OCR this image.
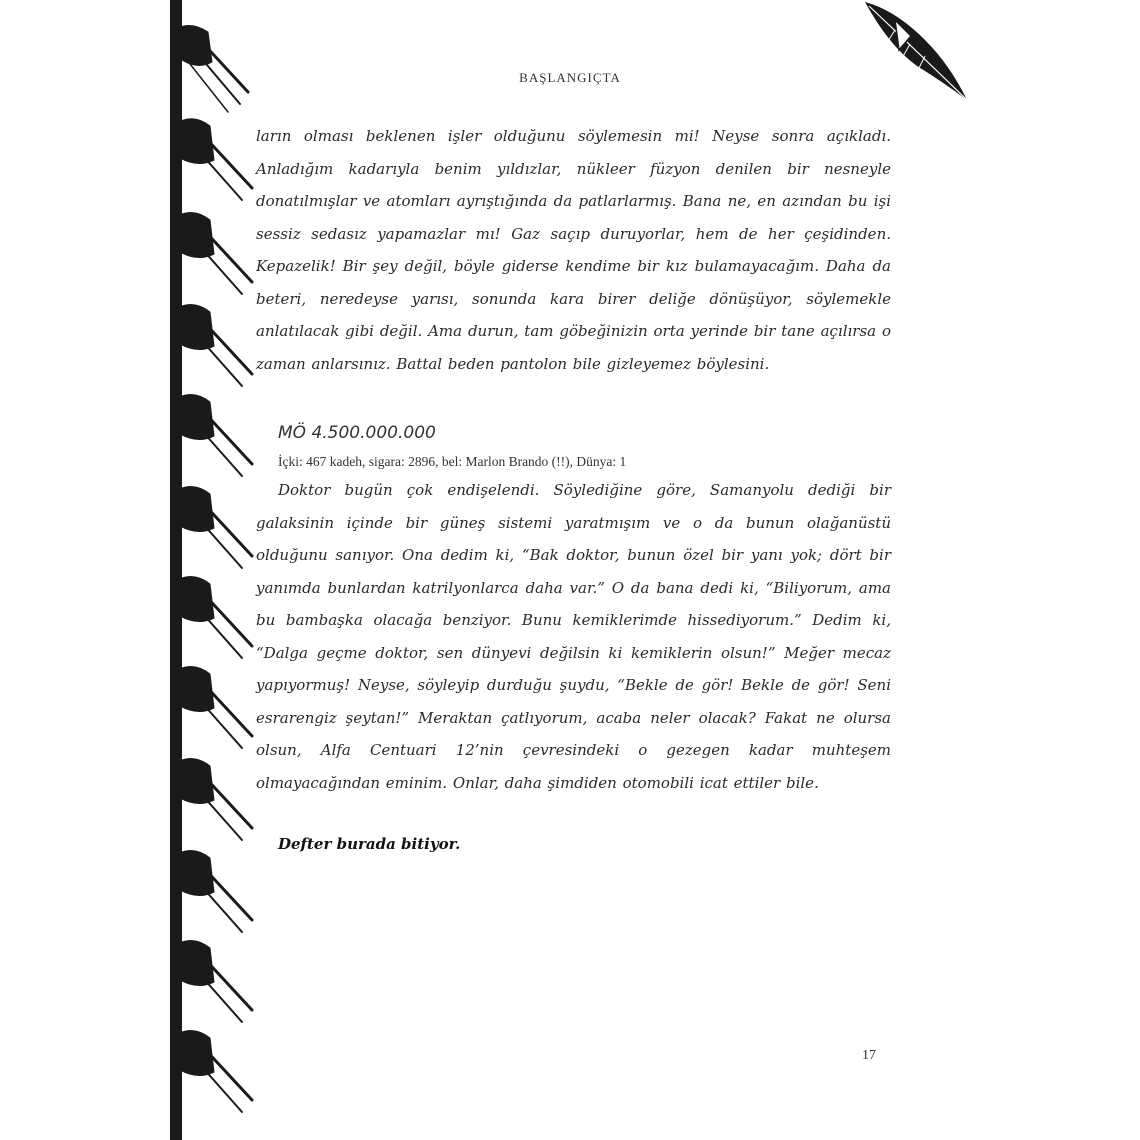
BAŞLANGIÇTA

ların olması beklenen işler olduğunu söylemesin mi! Neyse sonra açıkladı. Anladığım kadarıyla benim yıldızlar, nükleer füzyon denilen bir nesneyle donatılmışlar ve atomları ayrıştığında da patlarlarmış. Bana ne, en azından bu işi sessiz sedasız yapamazlar mı! Gaz saçıp duruyorlar, hem de her çeşidinden. Kepazelik! Bir şey değil, böyle giderse kendime bir kız bulamayacağım. Daha da beteri, neredeyse yarısı, sonunda kara birer deliğe dönüşüyor, söylemekle anlatılacak gibi değil. Ama durun, tam göbeğinizin orta yerinde bir tane açılırsa o zaman anlarsınız. Battal beden pantolon bile gizleyemez böylesini.

MÖ 4.500.000.000
İçki: 467 kadeh, sigara: 2896, bel: Marlon Brando (!!), Dünya: 1

Doktor bugün çok endişelendi. Söylediğine göre, Samanyolu dediği bir galaksinin içinde bir güneş sistemi yaratmışım ve o da bunun olağanüstü olduğunu sanıyor. Ona dedim ki, “Bak doktor, bunun özel bir yanı yok; dört bir yanımda bunlardan katrilyonlarca daha var.” O da bana dedi ki, “Biliyorum, ama bu bambaşka olacağa benziyor. Bunu kemiklerimde hissediyorum.” Dedim ki, “Dalga geçme doktor, sen dünyevi değilsin ki kemiklerin olsun!” Meğer mecaz yapıyormuş! Neyse, söyleyip durduğu şuydu, “Bekle de gör! Bekle de gör! Seni esrarengiz şeytan!” Meraktan çatlıyorum, acaba neler olacak? Fakat ne olursa olsun, Alfa Centuari 12’nin çevresindeki o gezegen kadar muhteşem olmayacağından eminim. Onlar, daha şimdiden otomobili icat ettiler bile.

Defter burada bitiyor.
17
